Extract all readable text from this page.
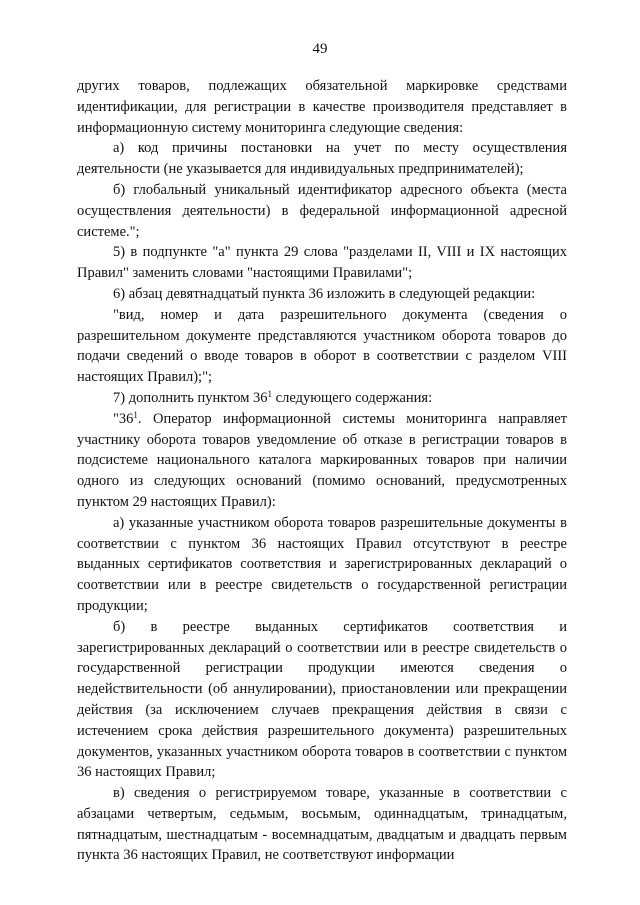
49

других товаров, подлежащих обязательной маркировке средствами идентификации, для регистрации в качестве производителя представляет в информационную систему мониторинга следующие сведения:

а) код причины постановки на учет по месту осуществления деятельности (не указывается для индивидуальных предпринимателей);

б) глобальный уникальный идентификатор адресного объекта (места осуществления деятельности) в федеральной информационной адресной системе.";

5) в подпункте "а" пункта 29 слова "разделами II, VIII и IX настоящих Правил" заменить словами "настоящими Правилами";

6) абзац девятнадцатый пункта 36 изложить в следующей редакции:

"вид, номер и дата разрешительного документа (сведения о разрешительном документе представляются участником оборота товаров до подачи сведений о вводе товаров в оборот в соответствии с разделом VIII настоящих Правил);";

7) дополнить пунктом $36^1$ следующего содержания:

"$36^1$. Оператор информационной системы мониторинга направляет участнику оборота товаров уведомление об отказе в регистрации товаров в подсистеме национального каталога маркированных товаров при наличии одного из следующих оснований (помимо оснований, предусмотренных пунктом 29 настоящих Правил):

а) указанные участником оборота товаров разрешительные документы в соответствии с пунктом 36 настоящих Правил отсутствуют в реестре выданных сертификатов соответствия и зарегистрированных деклараций о соответствии или в реестре свидетельств о государственной регистрации продукции;

б) в реестре выданных сертификатов соответствия и зарегистрированных деклараций о соответствии или в реестре свидетельств о государственной регистрации продукции имеются сведения о недействительности (об аннулировании), приостановлении или прекращении действия (за исключением случаев прекращения действия в связи с истечением срока действия разрешительного документа) разрешительных документов, указанных участником оборота товаров в соответствии с пунктом 36 настоящих Правил;

в) сведения о регистрируемом товаре, указанные в соответствии с абзацами четвертым, седьмым, восьмым, одиннадцатым, тринадцатым, пятнадцатым, шестнадцатым - восемнадцатым, двадцатым и двадцать первым пункта 36 настоящих Правил, не соответствуют информации
